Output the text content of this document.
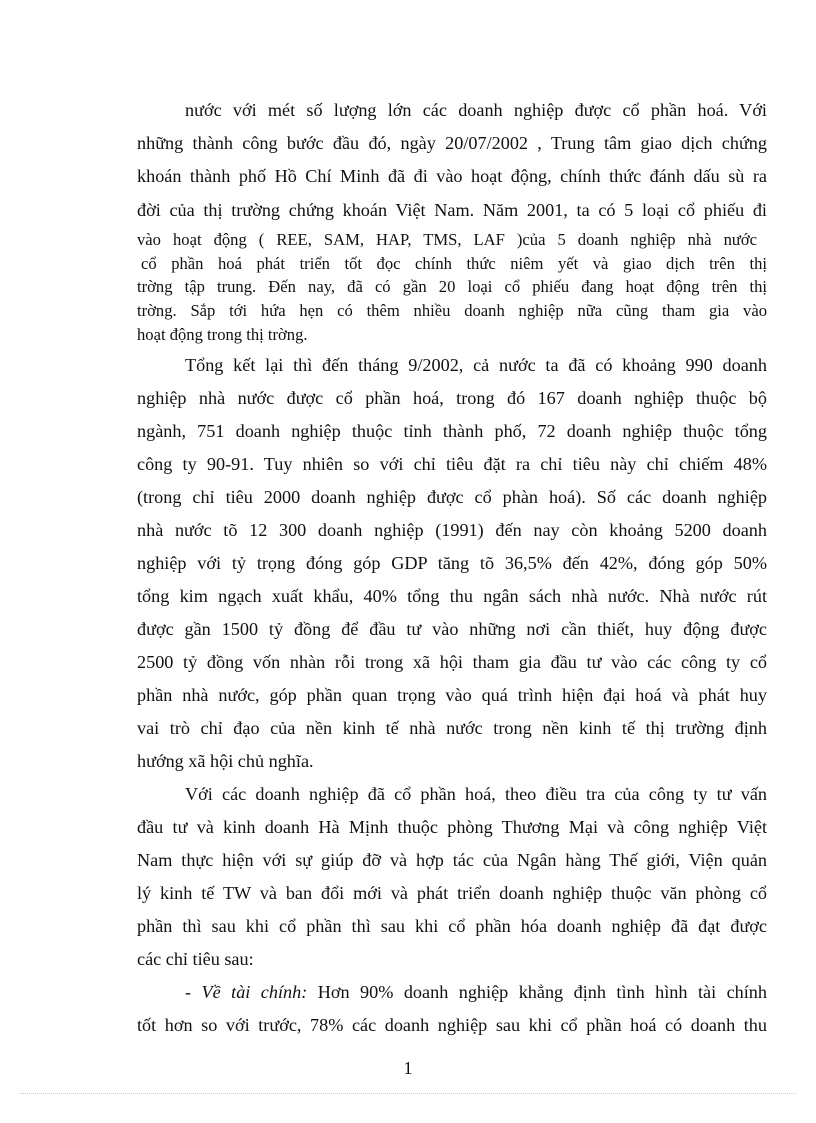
nước với mét số lượng lớn các doanh nghiệp được cổ phần hoá. Với
những thành công bước đầu đó, ngày 20/07/2002 , Trung tâm giao dịch chứng
khoán thành phố Hồ Chí Minh đã đi vào hoạt động, chính thức đánh dấu sù ra
đời của thị trường chứng khoán Việt Nam. Năm 2001, ta có 5 loại cổ phiếu đi
vào hoạt động ( REE, SAM, HAP, TMS, LAF )của 5 doanh nghiệp nhà nước
cổ phần hoá phát triển tốt đọc chính thức niêm yết và giao dịch trên thị
trờng tập trung. Đến nay, đã có gần 20 loại cổ phiếu đang hoạt động trên thị
trờng. Sắp tới hứa hẹn có thêm nhiều doanh nghiệp nữa cũng tham gia vào
hoạt động trong thị trờng.
Tổng kết lại thì đến tháng 9/2002, cả nước ta đã có khoảng 990 doanh
nghiệp nhà nước được cổ phần hoá, trong đó 167 doanh nghiệp thuộc bộ
ngành, 751 doanh nghiệp thuộc tỉnh thành phố, 72 doanh nghiệp thuộc tổng
công ty 90-91. Tuy nhiên so với chỉ tiêu đặt ra chỉ tiêu này chỉ chiếm 48%
(trong chỉ tiêu 2000 doanh nghiệp được cổ phàn hoá). Số các doanh nghiệp
nhà nước tõ 12 300 doanh nghiệp (1991) đến nay còn khoảng 5200 doanh
nghiệp với tỷ trọng đóng góp GDP tăng tõ 36,5% đến 42%, đóng góp 50%
tổng kim ngạch xuất khẩu, 40% tổng thu ngân sách nhà nước. Nhà nước rút
được gần 1500 tỷ đồng để đầu tư vào những nơi cần thiết, huy động được
2500 tỷ đồng vốn nhàn rỗi trong xã hội tham gia đầu tư vào các công ty cổ
phần nhà nước, góp phần quan trọng vào quá trình hiện đại hoá và phát huy
vai trò chỉ đạo của nền kinh tế nhà nước trong nền kinh tế thị trường định
hướng xã hội chủ nghĩa.
Với các doanh nghiệp đã cổ phần hoá, theo điều tra của công ty tư vấn
đầu tư và kinh doanh Hà Mịnh thuộc phòng Thương Mại và công nghiệp Việt
Nam thực hiện với sự giúp đỡ và hợp tác của Ngân hàng Thế giới, Viện quản
lý kinh tế TW và ban đổi mới và phát triển doanh nghiệp thuộc văn phòng cổ
phần thì sau khi cổ phần thì sau khi cổ phần hóa doanh nghiệp đã đạt được
các chỉ tiêu sau:
- Về tài chính: Hơn 90% doanh nghiệp khẳng định tình hình tài chính
tốt hơn so với trước, 78% các doanh nghiệp sau khi cổ phần hoá có doanh thu
1
